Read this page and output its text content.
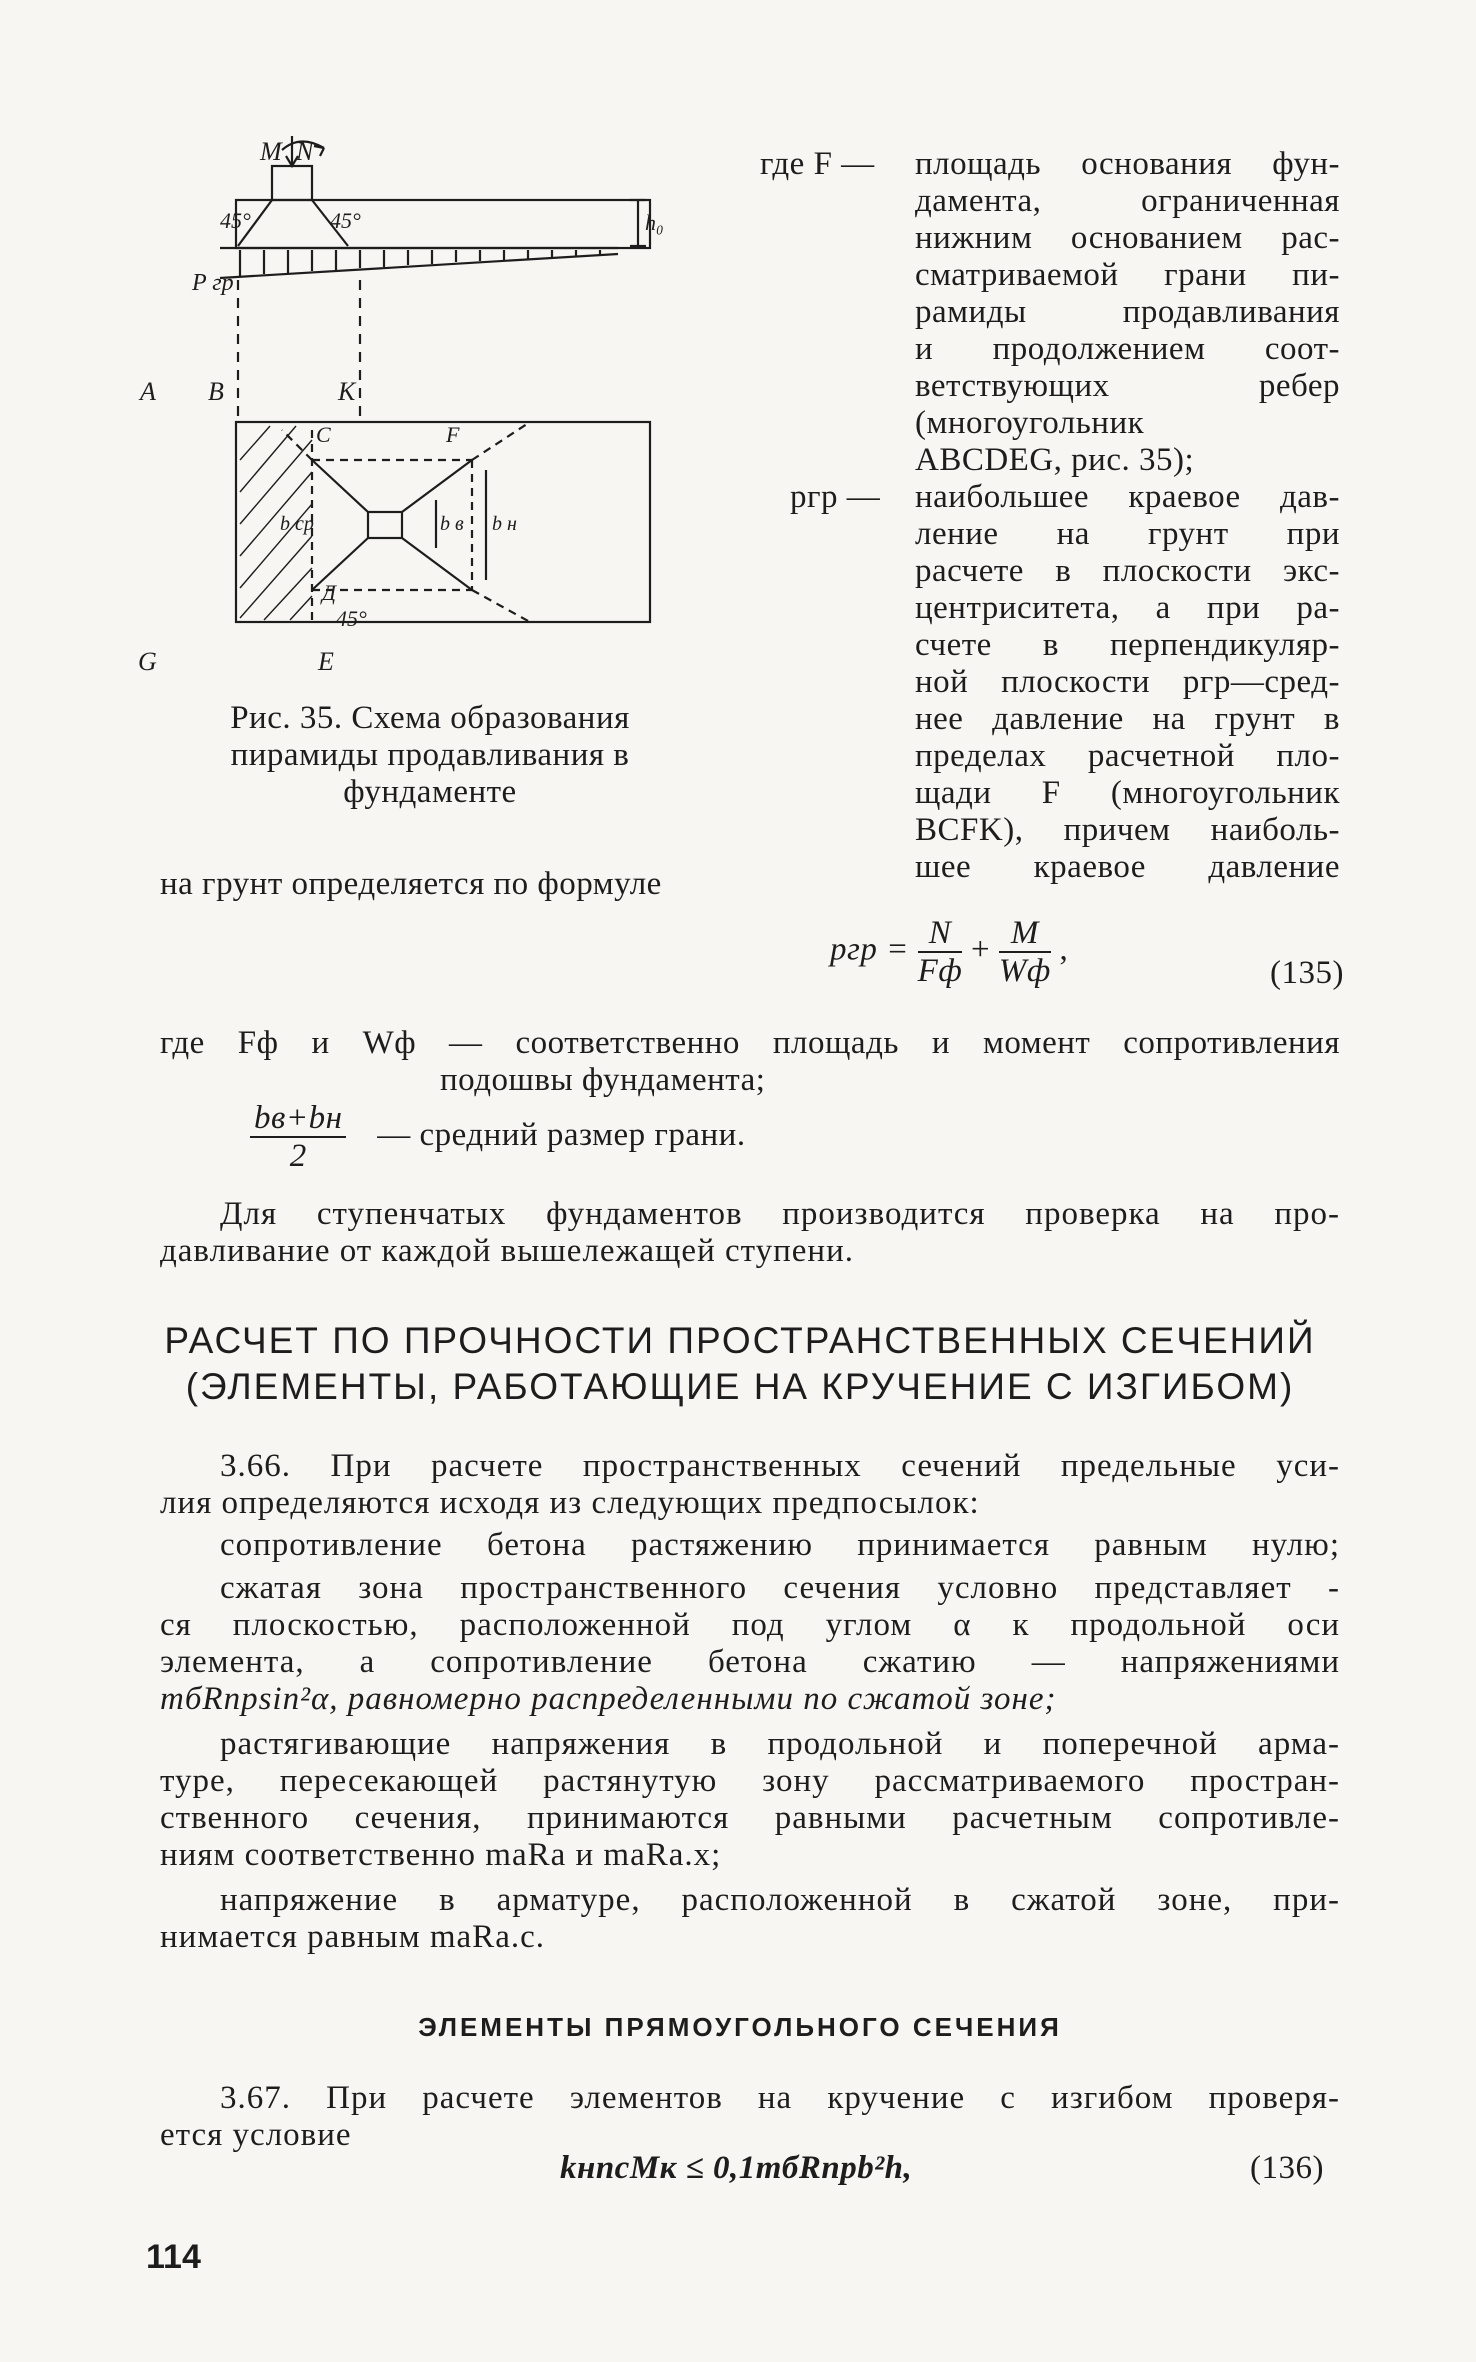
M N
h₀
45°	45°
P гр
A B	K
C	F
b ср	b в b н
Д
45°
G	E
Рис. 35. Схема образования
пирамиды продавливания в
фундаменте
где F — площадь основания фун-
дамента, ограниченная
нижним основанием рас-
сматриваемой грани пи-
рамиды продавливания
и продолжением соот-
ветствующих ребер
(многоугольник
ABCDEG, рис. 35);
pгр — наибольшее краевое дав-
ление на грунт при
расчете в плоскости экс-
центриситета, а при ра-
счете в перпендикуляр-
ной плоскости pгр—сред-
нее давление на грунт в
пределах расчетной пло-
щади F (многоугольник
BCFK), причем наиболь-
шее краевое давление
на грунт определяется по формуле
pгр = $\frac{N}{Fф} + \frac{M}{Wф}$ ,
(135)
где Fф и Wф — соответственно площадь и момент сопротивления
подошвы фундамента;
$\frac{bв+bн}{2}$ — средний размер грани.
Для ступенчатых фундаментов производится проверка на про-
давливание от каждой вышележащей ступени.
РАСЧЕТ ПО ПРОЧНОСТИ ПРОСТРАНСТВЕННЫХ СЕЧЕНИЙ
(ЭЛЕМЕНТЫ, РАБОТАЮЩИЕ НА КРУЧЕНИЕ С ИЗГИБОМ)
3.66. При расчете пространственных сечений предельные уси-
лия определяются исходя из следующих предпосылок:
сопротивление бетона растяжению принимается равным нулю;
сжатая зона пространственного сечения условно представляет -
ся плоскостью, расположенной под углом α к продольной оси
элемента, а сопротивление бетона сжатию — напряжениями
mбRпрsin²α, равномерно распределенными по сжатой зоне;
растягивающие напряжения в продольной и поперечной арма-
туре, пересекающей растянутую зону рассматриваемого простран-
ственного сечения, принимаются равными расчетным сопротивле-
ниям соответственно maRa и maRa.x;
напряжение в арматуре, расположенной в сжатой зоне, при-
нимается равным maRa.c.
ЭЛЕМЕНТЫ ПРЯМОУГОЛЬНОГО СЕЧЕНИЯ
3.67. При расчете элементов на кручение с изгибом проверя-
ется условие
kнncMк ≤ 0,1mбRпрb²h,	(136)
114
